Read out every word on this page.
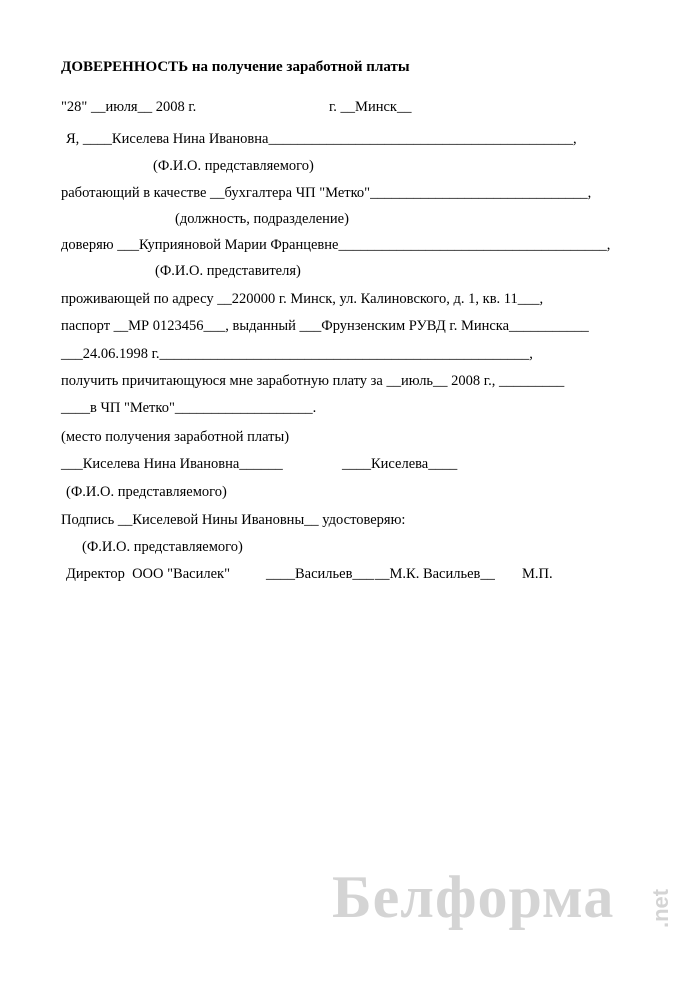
ДОВЕРЕННОСТЬ на получение заработной платы
"28" __июля__ 2008 г.	г. __Минск__
Я, ____Киселева Нина Ивановна__________________________________________,
(Ф.И.О. представляемого)
работающий в качестве __бухгалтера ЧП "Метко"______________________________,
(должность, подразделение)
доверяю ___Куприяновой Марии Францевне_____________________________________,
(Ф.И.О. представителя)
проживающей по адресу __220000 г. Минск, ул. Калиновского, д. 1, кв. 11___,
паспорт __МР 0123456___, выданный ___Фрунзенским РУВД г. Минска___________
___24.06.1998 г.___________________________________________________,
получить причитающуюся мне заработную плату за __июль__ 2008 г., _________
____в ЧП "Метко"___________________.
(место получения заработной платы)
___Киселева Нина Ивановна______	____Киселева____
(Ф.И.О. представляемого)
Подпись __Киселевой Нины Ивановны__ удостоверяю:
(Ф.И.О. представляемого)
Директор  ООО "Василек" ____Васильев___ __М.К. Васильев__ М.П.
Белформа .net
